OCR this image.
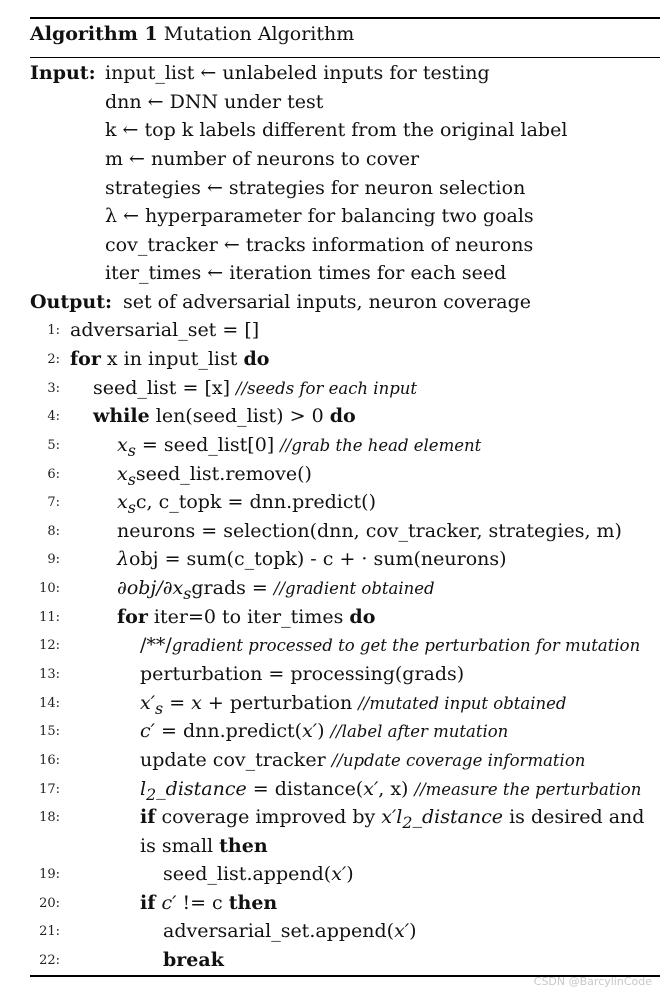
Algorithm 1 Mutation Algorithm
Input: input_list ← unlabeled inputs for testing
dnn ← DNN under test
k ← top k labels different from the original label
m ← number of neurons to cover
strategies ← strategies for neuron selection
λ ← hyperparameter for balancing two goals
cov_tracker ← tracks information of neurons
iter_times ← iteration times for each seed
Output: set of adversarial inputs, neuron coverage
1: adversarial_set = []
2: for x in input_list do
3: seed_list = [x] //seeds for each input
4: while len(seed_list) > 0 do
5:	$x_s$ = seed_list[0] //grab the head element
6:	$x_sseed\_list.remove()$
7:	$x_sc$, c_topk = dnn.predict()
8:	neurons = selection(dnn, cov_tracker, strategies, m)
9:	λobj = sum(c_topk) - c + · sum(neurons)
10:	$\partial obj/\partial x_sgrads$ = //gradient obtained
11:	for iter=0 to iter_times do
12:	/**/gradient processed to get the perturbation for mutation
13:	perturbation = processing(grads)
14:	$x'_s = x$ + perturbation //mutated input obtained
15:	c′ = dnn.predict(x′) //label after mutation
16:	update cov_tracker //update coverage information
17:	$l_2\_distance$ = distance(x′, x) //measure the perturbation
18:	if coverage improved by $x'l_2\_distance$ is desired and
is small then
19:	seed_list.append(x′)
20:	if c′ != c then
21:	adversarial_set.append(x′)
22:	break
CSDN @BarcylinCode
